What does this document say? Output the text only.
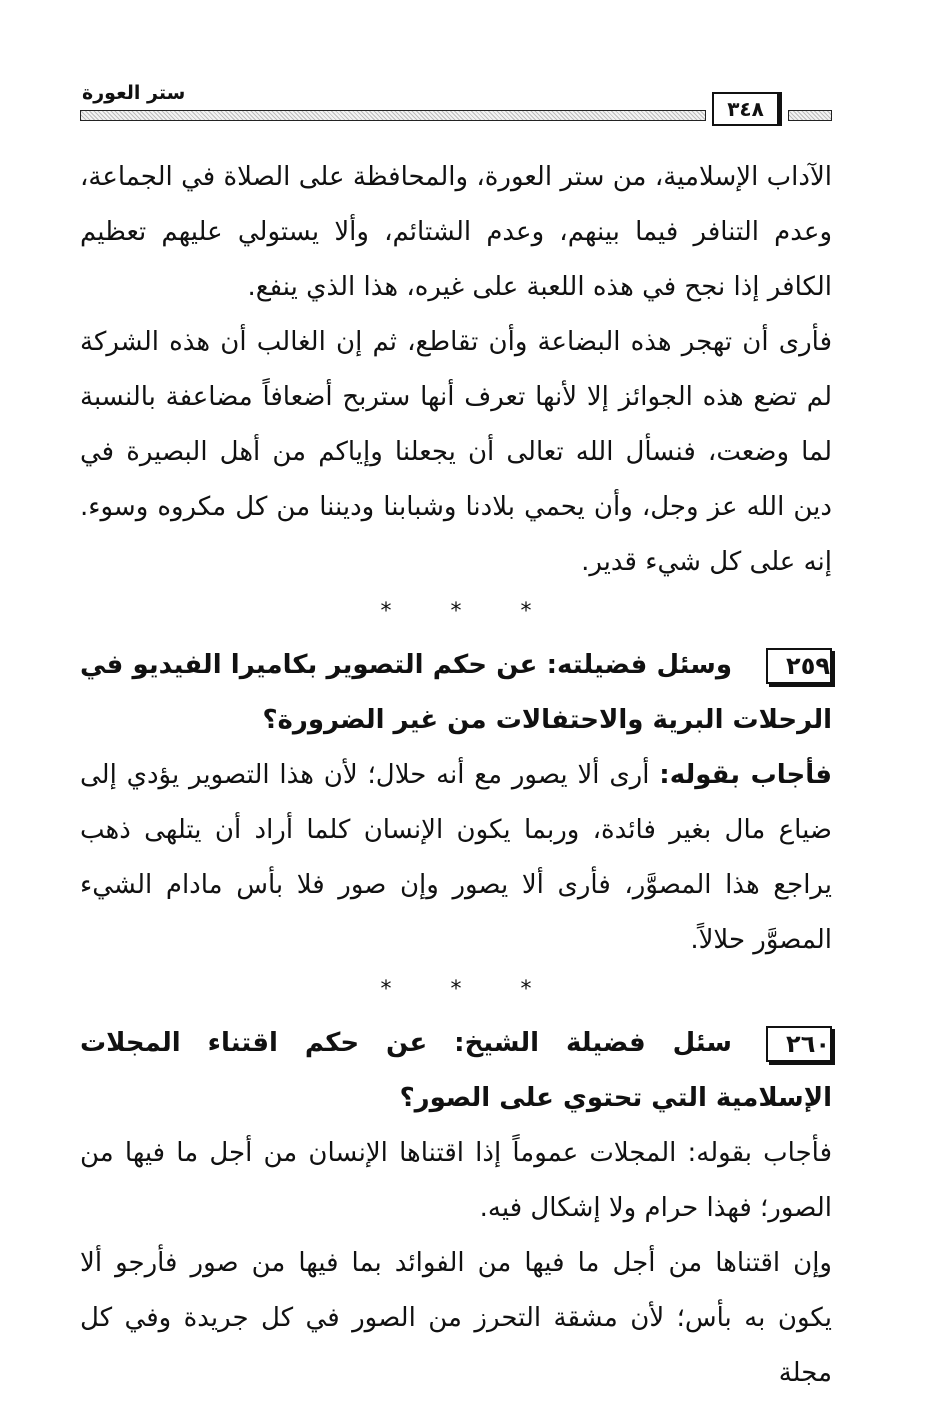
ستر العورة
٣٤٨

الآداب الإسلامية، من ستر العورة، والمحافظة على الصلاة في الجماعة، وعدم التنافر فيما بينهم، وعدم الشتائم، وألا يستولي عليهم تعظيم الكافر إذا نجح في هذه اللعبة على غيره، هذا الذي ينفع.

فأرى أن تهجر هذه البضاعة وأن تقاطع، ثم إن الغالب أن هذه الشركة لم تضع هذه الجوائز إلا لأنها تعرف أنها ستربح أضعافاً مضاعفة بالنسبة لما وضعت، فنسأل الله تعالى أن يجعلنا وإياكم من أهل البصيرة في دين الله عز وجل، وأن يحمي بلادنا وشبابنا وديننا من كل مكروه وسوء. إنه على كل شيء قدير.

* * *

٢٥٩وسئل فضيلته: عن حكم التصوير بكاميرا الفيديو في الرحلات البرية والاحتفالات من غير الضرورة؟

فأجاب بقوله: أرى ألا يصور مع أنه حلال؛ لأن هذا التصوير يؤدي إلى ضياع مال بغير فائدة، وربما يكون الإنسان كلما أراد أن يتلهى ذهب يراجع هذا المصوَّر، فأرى ألا يصور وإن صور فلا بأس مادام الشيء المصوَّر حلالاً.

* * *

٢٦٠سئل فضيلة الشيخ: عن حكم اقتناء المجلات الإسلامية التي تحتوي على الصور؟

فأجاب بقوله: المجلات عموماً إذا اقتناها الإنسان من أجل ما فيها من الصور؛ فهذا حرام ولا إشكال فيه.

وإن اقتناها من أجل ما فيها من الفوائد بما فيها من صور فأرجو ألا يكون به بأس؛ لأن مشقة التحرز من الصور في كل جريدة وفي كل مجلة
